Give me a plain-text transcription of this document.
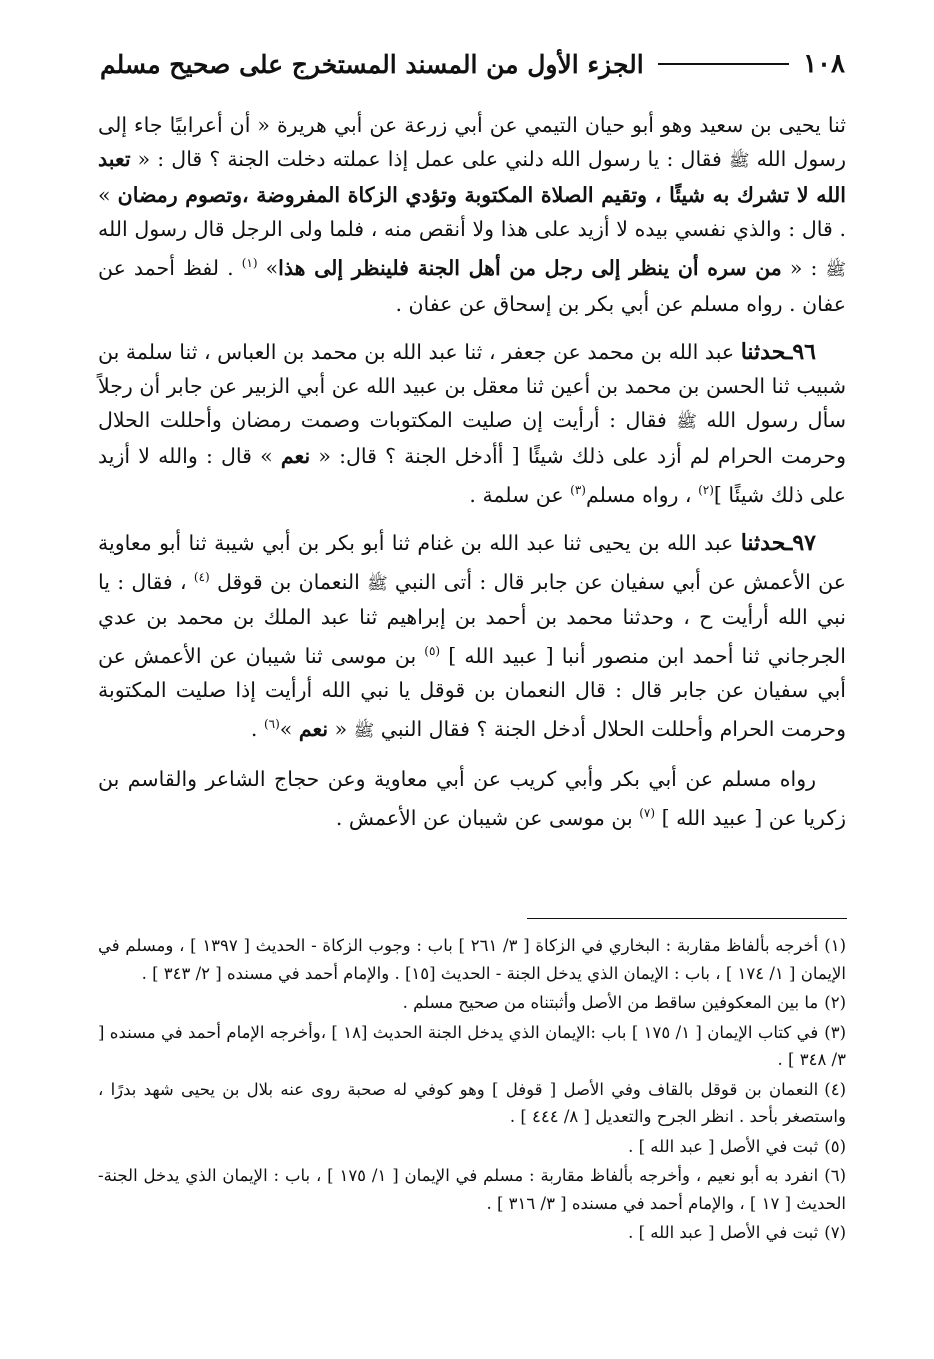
١٠٨
الجزء الأول من المسند المستخرج على صحيح مسلم

ثنا يحيى بن سعيد وهو أبو حيان التيمي عن أبي زرعة عن أبي هريرة « أن أعرابيًا جاء إلى رسول الله ﷺ فقال : يا رسول الله دلني على عمل إذا عملته دخلت الجنة ؟ قال : « تعبد الله لا تشرك به شيئًا ، وتقيم الصلاة المكتوبة وتؤدي الزكاة المفروضة ،وتصوم رمضان » . قال : والذي نفسي بيده لا أزيد على هذا ولا أنقص منه ، فلما ولى الرجل قال رسول الله ﷺ : « من سره أن ينظر إلى رجل من أهل الجنة فلينظر إلى هذا» $^{(١)}$ . لفظ أحمد عن عفان . رواه مسلم عن أبي بكر بن إسحاق عن عفان .

٩٦ـحدثنا عبد الله بن محمد عن جعفر ، ثنا عبد الله بن محمد بن العباس ، ثنا سلمة بن شبيب ثنا الحسن بن محمد بن أعين ثنا معقل بن عبيد الله عن أبي الزبير عن جابر أن رجلاً سأل رسول الله ﷺ فقال : أرأيت إن صليت المكتوبات وصمت رمضان وأحللت الحلال وحرمت الحرام لم أزد على ذلك شيئًا [ أأدخل الجنة ؟ قال: « نعم » قال : والله لا أزيد على ذلك شيئًا ]$^{(٢)}$ ، رواه مسلم$^{(٣)}$ عن سلمة .

٩٧ـحدثنا عبد الله بن يحيى ثنا عبد الله بن غنام ثنا أبو بكر بن أبي شيبة ثنا أبو معاوية عن الأعمش عن أبي سفيان عن جابر قال : أتى النبي ﷺ النعمان بن قوقل $^{(٤)}$ ، فقال : يا نبي الله أرأيت ح ، وحدثنا محمد بن أحمد بن إبراهيم ثنا عبد الملك بن محمد بن عدي الجرجاني ثنا أحمد ابن منصور أنبا [ عبيد الله ] $^{(٥)}$ بن موسى ثنا شيبان عن الأعمش عن أبي سفيان عن جابر قال : قال النعمان بن قوقل يا نبي الله أرأيت إذا صليت المكتوبة وحرمت الحرام وأحللت الحلال أدخل الجنة ؟ فقال النبي ﷺ « نعم »$^{(٦)}$ .

رواه مسلم عن أبي بكر وأبي كريب عن أبي معاوية وعن حجاج الشاعر والقاسم بن زكريا عن [ عبيد الله ] $^{(٧)}$ بن موسى عن شيبان عن الأعمش .

(١)أخرجه بألفاظ مقاربة : البخاري في الزكاة [ ٣/ ٢٦١ ] باب : وجوب الزكاة - الحديث [ ١٣٩٧ ] ، ومسلم في الإيمان [ ١/ ١٧٤ ] ، باب : الإيمان الذي يدخل الجنة - الحديث [١٥] . والإمام أحمد في مسنده [ ٢/ ٣٤٣ ] .

(٢)ما بين المعكوفين ساقط من الأصل وأثبتناه من صحيح مسلم .

(٣)في كتاب الإيمان [ ١/ ١٧٥ ] باب :الإيمان الذي يدخل الجنة الحديث [١٨ ] ،وأخرجه الإمام أحمد في مسنده [ ٣/ ٣٤٨ ] .

(٤)النعمان بن قوقل بالقاف وفي الأصل [ قوفل ] وهو كوفي له صحبة روى عنه بلال بن يحيى شهد بدرًا ، واستصغر بأحد . انظر الجرح والتعديل [ ٨/ ٤٤٤ ] .

(٥)ثبت في الأصل [ عبد الله ] .

(٦)انفرد به أبو نعيم ، وأخرجه بألفاظ مقاربة : مسلم في الإيمان [ ١/ ١٧٥ ] ، باب : الإيمان الذي يدخل الجنة- الحديث [ ١٧ ] ، والإمام أحمد في مسنده [ ٣/ ٣١٦ ] .

(٧)ثبت في الأصل [ عبد الله ] .
